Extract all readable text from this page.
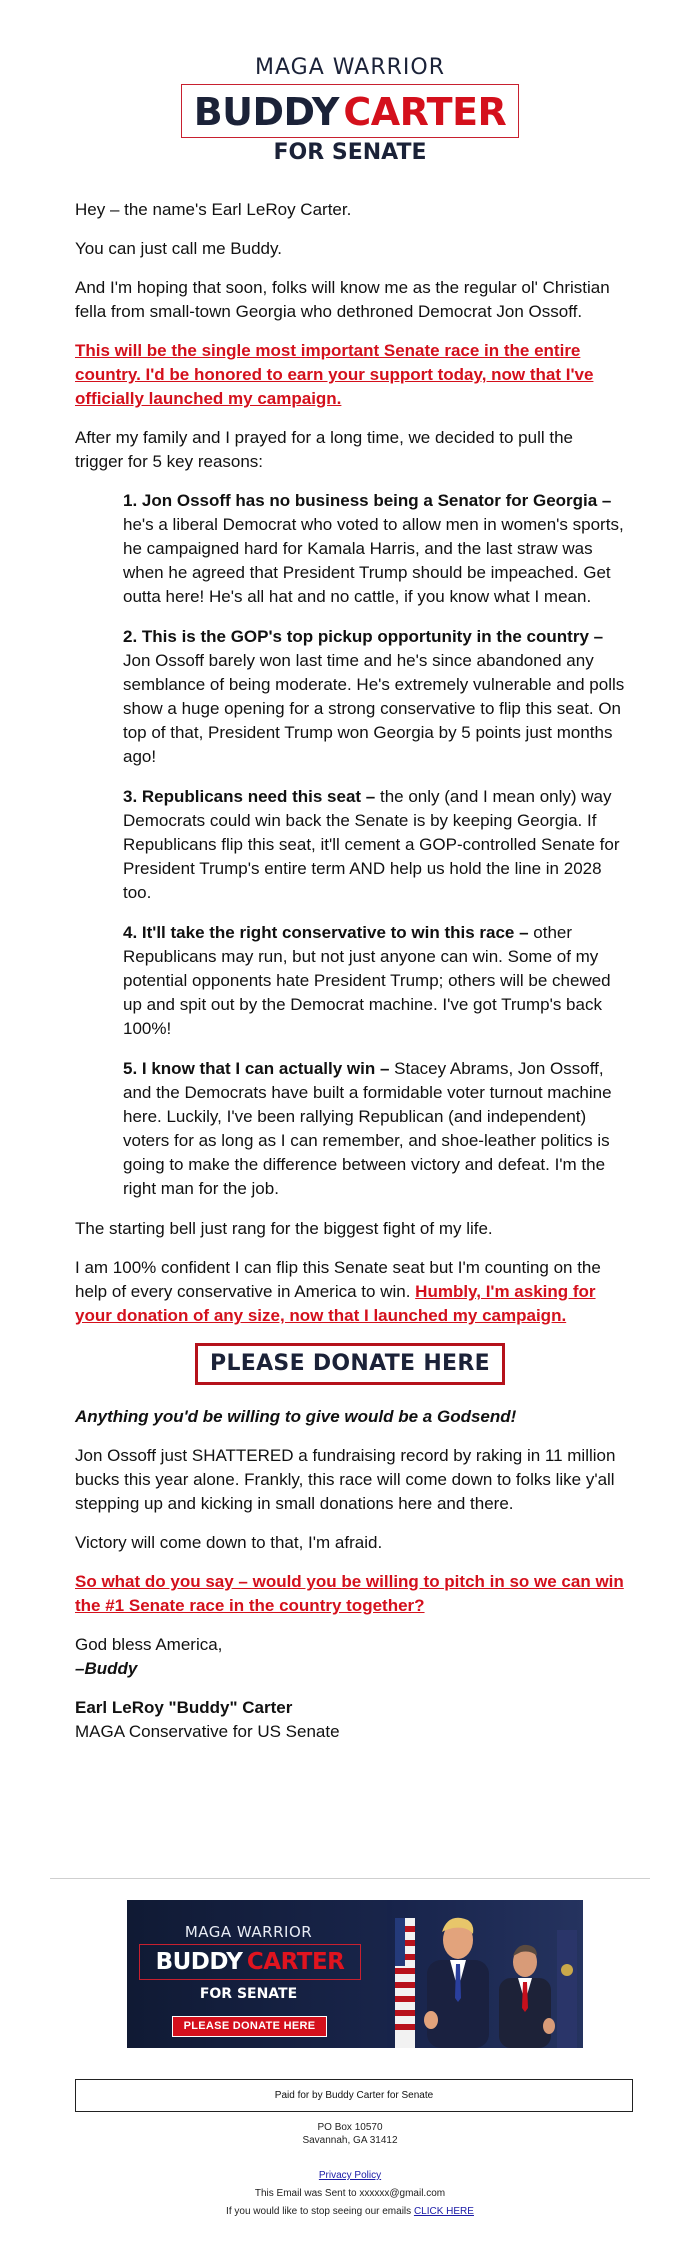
MAGA WARRIOR
BUDDY CARTER
FOR SENATE

Hey – the name's Earl LeRoy Carter.

You can just call me Buddy.

And I'm hoping that soon, folks will know me as the regular ol' Christian fella from small-town Georgia who dethroned Democrat Jon Ossoff.

This will be the single most important Senate race in the entire country. I'd be honored to earn your support today, now that I've officially launched my campaign.

After my family and I prayed for a long time, we decided to pull the trigger for 5 key reasons:

1. Jon Ossoff has no business being a Senator for Georgia – he's a liberal Democrat who voted to allow men in women's sports, he campaigned hard for Kamala Harris, and the last straw was when he agreed that President Trump should be impeached. Get outta here! He's all hat and no cattle, if you know what I mean.

2. This is the GOP's top pickup opportunity in the country – Jon Ossoff barely won last time and he's since abandoned any semblance of being moderate. He's extremely vulnerable and polls show a huge opening for a strong conservative to flip this seat. On top of that, President Trump won Georgia by 5 points just months ago!

3. Republicans need this seat – the only (and I mean only) way Democrats could win back the Senate is by keeping Georgia. If Republicans flip this seat, it'll cement a GOP-controlled Senate for President Trump's entire term AND help us hold the line in 2028 too.

4. It'll take the right conservative to win this race – other Republicans may run, but not just anyone can win. Some of my potential opponents hate President Trump; others will be chewed up and spit out by the Democrat machine. I've got Trump's back 100%!

5. I know that I can actually win – Stacey Abrams, Jon Ossoff, and the Democrats have built a formidable voter turnout machine here. Luckily, I've been rallying Republican (and independent) voters for as long as I can remember, and shoe-leather politics is going to make the difference between victory and defeat. I'm the right man for the job.

The starting bell just rang for the biggest fight of my life.

I am 100% confident I can flip this Senate seat but I'm counting on the help of every conservative in America to win. Humbly, I'm asking for your donation of any size, now that I launched my campaign.

PLEASE DONATE HERE

Anything you'd be willing to give would be a Godsend!

Jon Ossoff just SHATTERED a fundraising record by raking in 11 million bucks this year alone. Frankly, this race will come down to folks like y'all stepping up and kicking in small donations here and there.

Victory will come down to that, I'm afraid.

So what do you say – would you be willing to pitch in so we can win the #1 Senate race in the country together?

God bless America,
–Buddy

Earl LeRoy "Buddy" Carter
MAGA Conservative for US Senate

MAGA WARRIOR
BUDDY CARTER
FOR SENATE
PLEASE DONATE HERE
Paid for by Buddy Carter for Senate
PO Box 10570
Savannah, GA 31412
Privacy Policy
This Email was Sent to xxxxxx@gmail.com
If you would like to stop seeing our emails CLICK HERE
